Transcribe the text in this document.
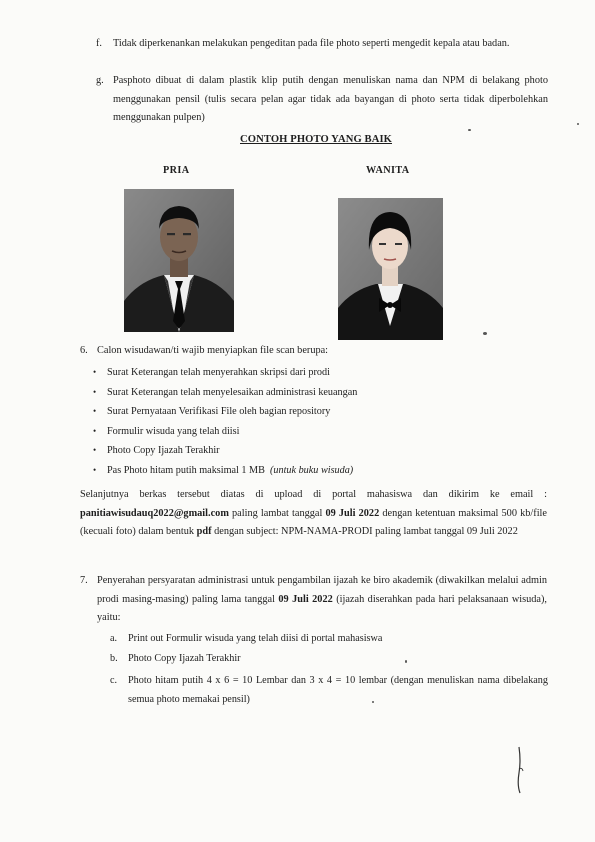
f. Tidak diperkenankan melakukan pengeditan pada file photo seperti mengedit kepala atau badan.
g. Pasphoto dibuat di dalam plastik klip putih dengan menuliskan nama dan NPM di belakang photo menggunakan pensil (tulis secara pelan agar tidak ada bayangan di photo serta tidak diperbolehkan menggunakan pulpen)
CONTOH PHOTO YANG BAIK
PRIA	WANITA
6. Calon wisudawan/ti wajib menyiapkan file scan berupa:
• Surat Keterangan telah menyerahkan skripsi dari prodi
• Surat Keterangan telah menyelesaikan administrasi keuangan
• Surat Pernyataan Verifikasi File oleh bagian repository
• Formulir wisuda yang telah diisi
• Photo Copy Ijazah Terakhir
• Pas Photo hitam putih maksimal 1 MB (untuk buku wisuda)
Selanjutnya berkas tersebut diatas di upload di portal mahasiswa dan dikirim ke email : panitiawisudauq2022@gmail.com paling lambat tanggal 09 Juli 2022 dengan ketentuan maksimal 500 kb/file (kecuali foto) dalam bentuk pdf dengan subject: NPM-NAMA-PRODI paling lambat tanggal 09 Juli 2022
7. Penyerahan persyaratan administrasi untuk pengambilan ijazah ke biro akademik (diwakilkan melalui admin prodi masing-masing) paling lama tanggal 09 Juli 2022 (ijazah diserahkan pada hari pelaksanaan wisuda), yaitu:
a. Print out Formulir wisuda yang telah diisi di portal mahasiswa
b. Photo Copy Ijazah Terakhir
c. Photo hitam putih 4 x 6 = 10 Lembar dan 3 x 4 = 10 lembar (dengan menuliskan nama dibelakang semua photo memakai pensil)
